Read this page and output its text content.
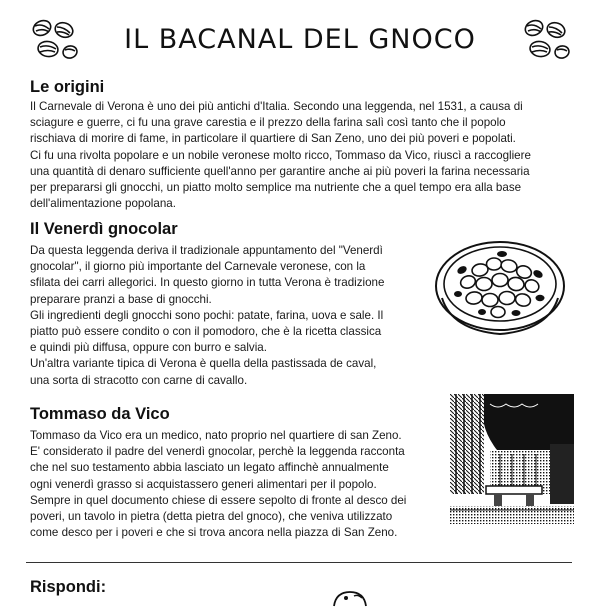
IL BACANAL DEL GNOCO
Le origini
Il Carnevale di Verona è uno dei più antichi d'Italia. Secondo una leggenda, nel 1531, a causa di
sciagure e guerre, ci fu una grave carestia e il prezzo della farina salì così tanto che il popolo
rischiava di morire di fame, in particolare il quartiere di San Zeno, uno dei più poveri e popolati.
Ci fu una rivolta popolare e un nobile veronese molto ricco, Tommaso da Vico, riuscì a raccogliere
una quantità di denaro sufficiente quell'anno per garantire anche ai più poveri la farina necessaria
per prepararsi gli gnocchi, un piatto molto semplice ma nutriente che a quel tempo era alla base
dell'alimentazione popolana.
Il Venerdì gnocolar
Da questa leggenda deriva il tradizionale appuntamento del "Venerdì
gnocolar", il giorno più importante del Carnevale veronese, con la
sfilata dei carri allegorici. In questo giorno in tutta Verona è tradizione
preparare pranzi a base di gnocchi.
Gli ingredienti degli gnocchi sono pochi: patate, farina, uova e sale. Il
piatto può essere condito o con il pomodoro, che è la ricetta classica
e quindi più diffusa, oppure con burro e salvia.
Un'altra variante tipica di Verona è quella della pastissada de caval,
una sorta di stracotto con carne di cavallo.
Tommaso da Vico
Tommaso da Vico era un medico, nato proprio nel quartiere di san Zeno.
E' considerato il padre del venerdì gnocolar, perchè la leggenda racconta
che nel suo testamento abbia lasciato un legato affinchè annualmente
ogni venerdì grasso si acquistassero generi alimentari per il popolo.
Sempre in quel documento chiese di essere sepolto di fronte al desco dei
poveri, un tavolo in pietra (detta pietra del gnoco), che veniva utilizzato
come desco per i poveri e che si trova ancora nella piazza di San Zeno.
Rispondi:
